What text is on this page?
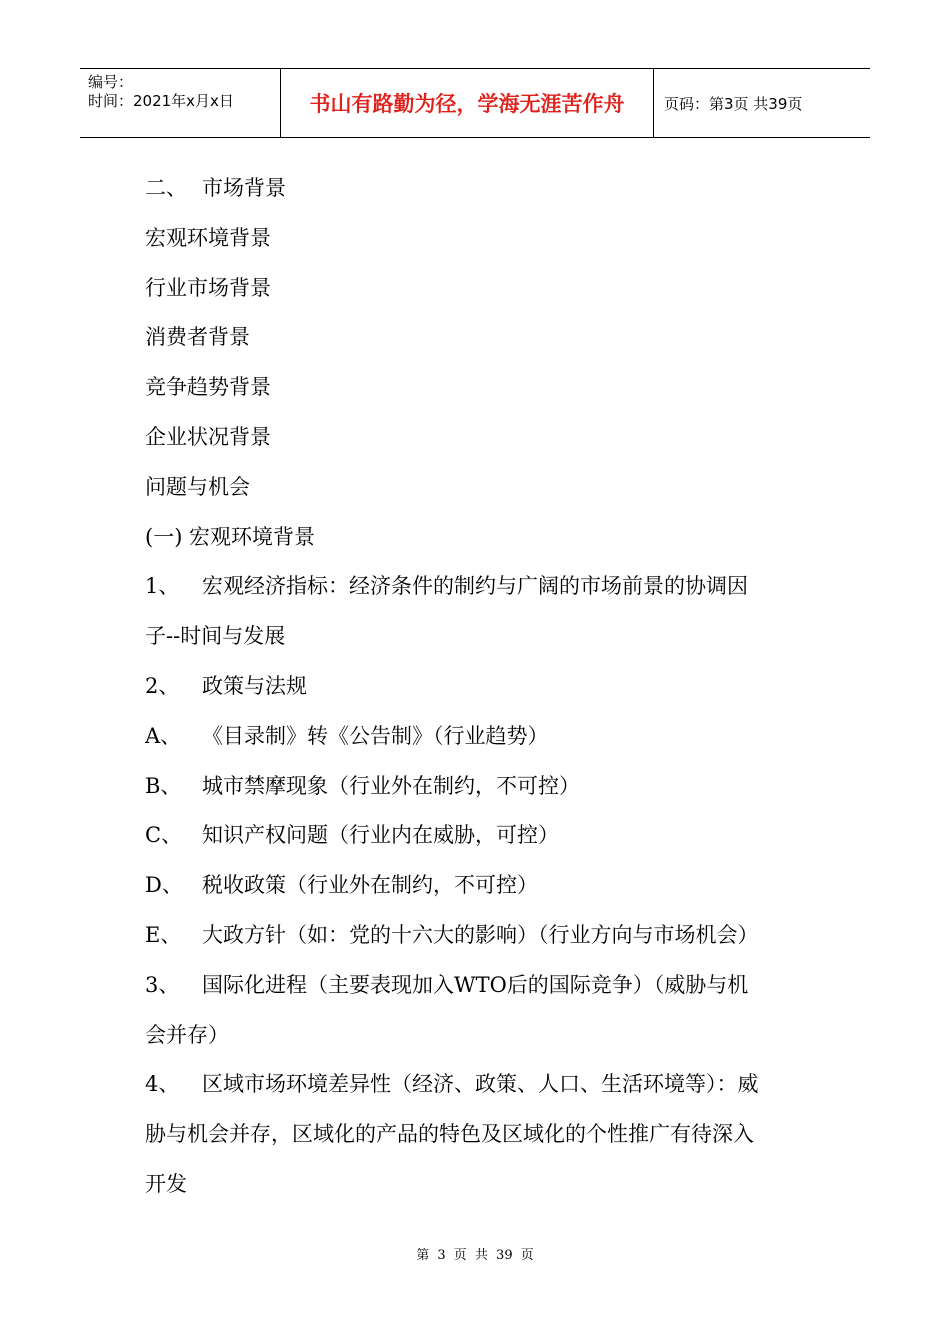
编号：
时间：2021年x月x日	书山有路勤为径，学海无涯苦作舟	页码：第3页 共39页
二、 市场背景
宏观环境背景
行业市场背景
消费者背景
竞争趋势背景
企业状况背景
问题与机会
(一) 宏观环境背景
1、 宏观经济指标：经济条件的制约与广阔的市场前景的协调因
子--时间与发展
2、 政策与法规
A、 《目录制》转《公告制》（行业趋势）
B、 城市禁摩现象（行业外在制约，不可控）
C、 知识产权问题（行业内在威胁，可控）
D、 税收政策（行业外在制约，不可控）
E、 大政方针（如：党的十六大的影响）（行业方向与市场机会）
3、 国际化进程（主要表现加入WTO后的国际竞争）（威胁与机
会并存）
4、 区域市场环境差异性（经济、政策、人口、生活环境等）：威
胁与机会并存，区域化的产品的特色及区域化的个性推广有待深入
开发
第 3 页 共 39 页
